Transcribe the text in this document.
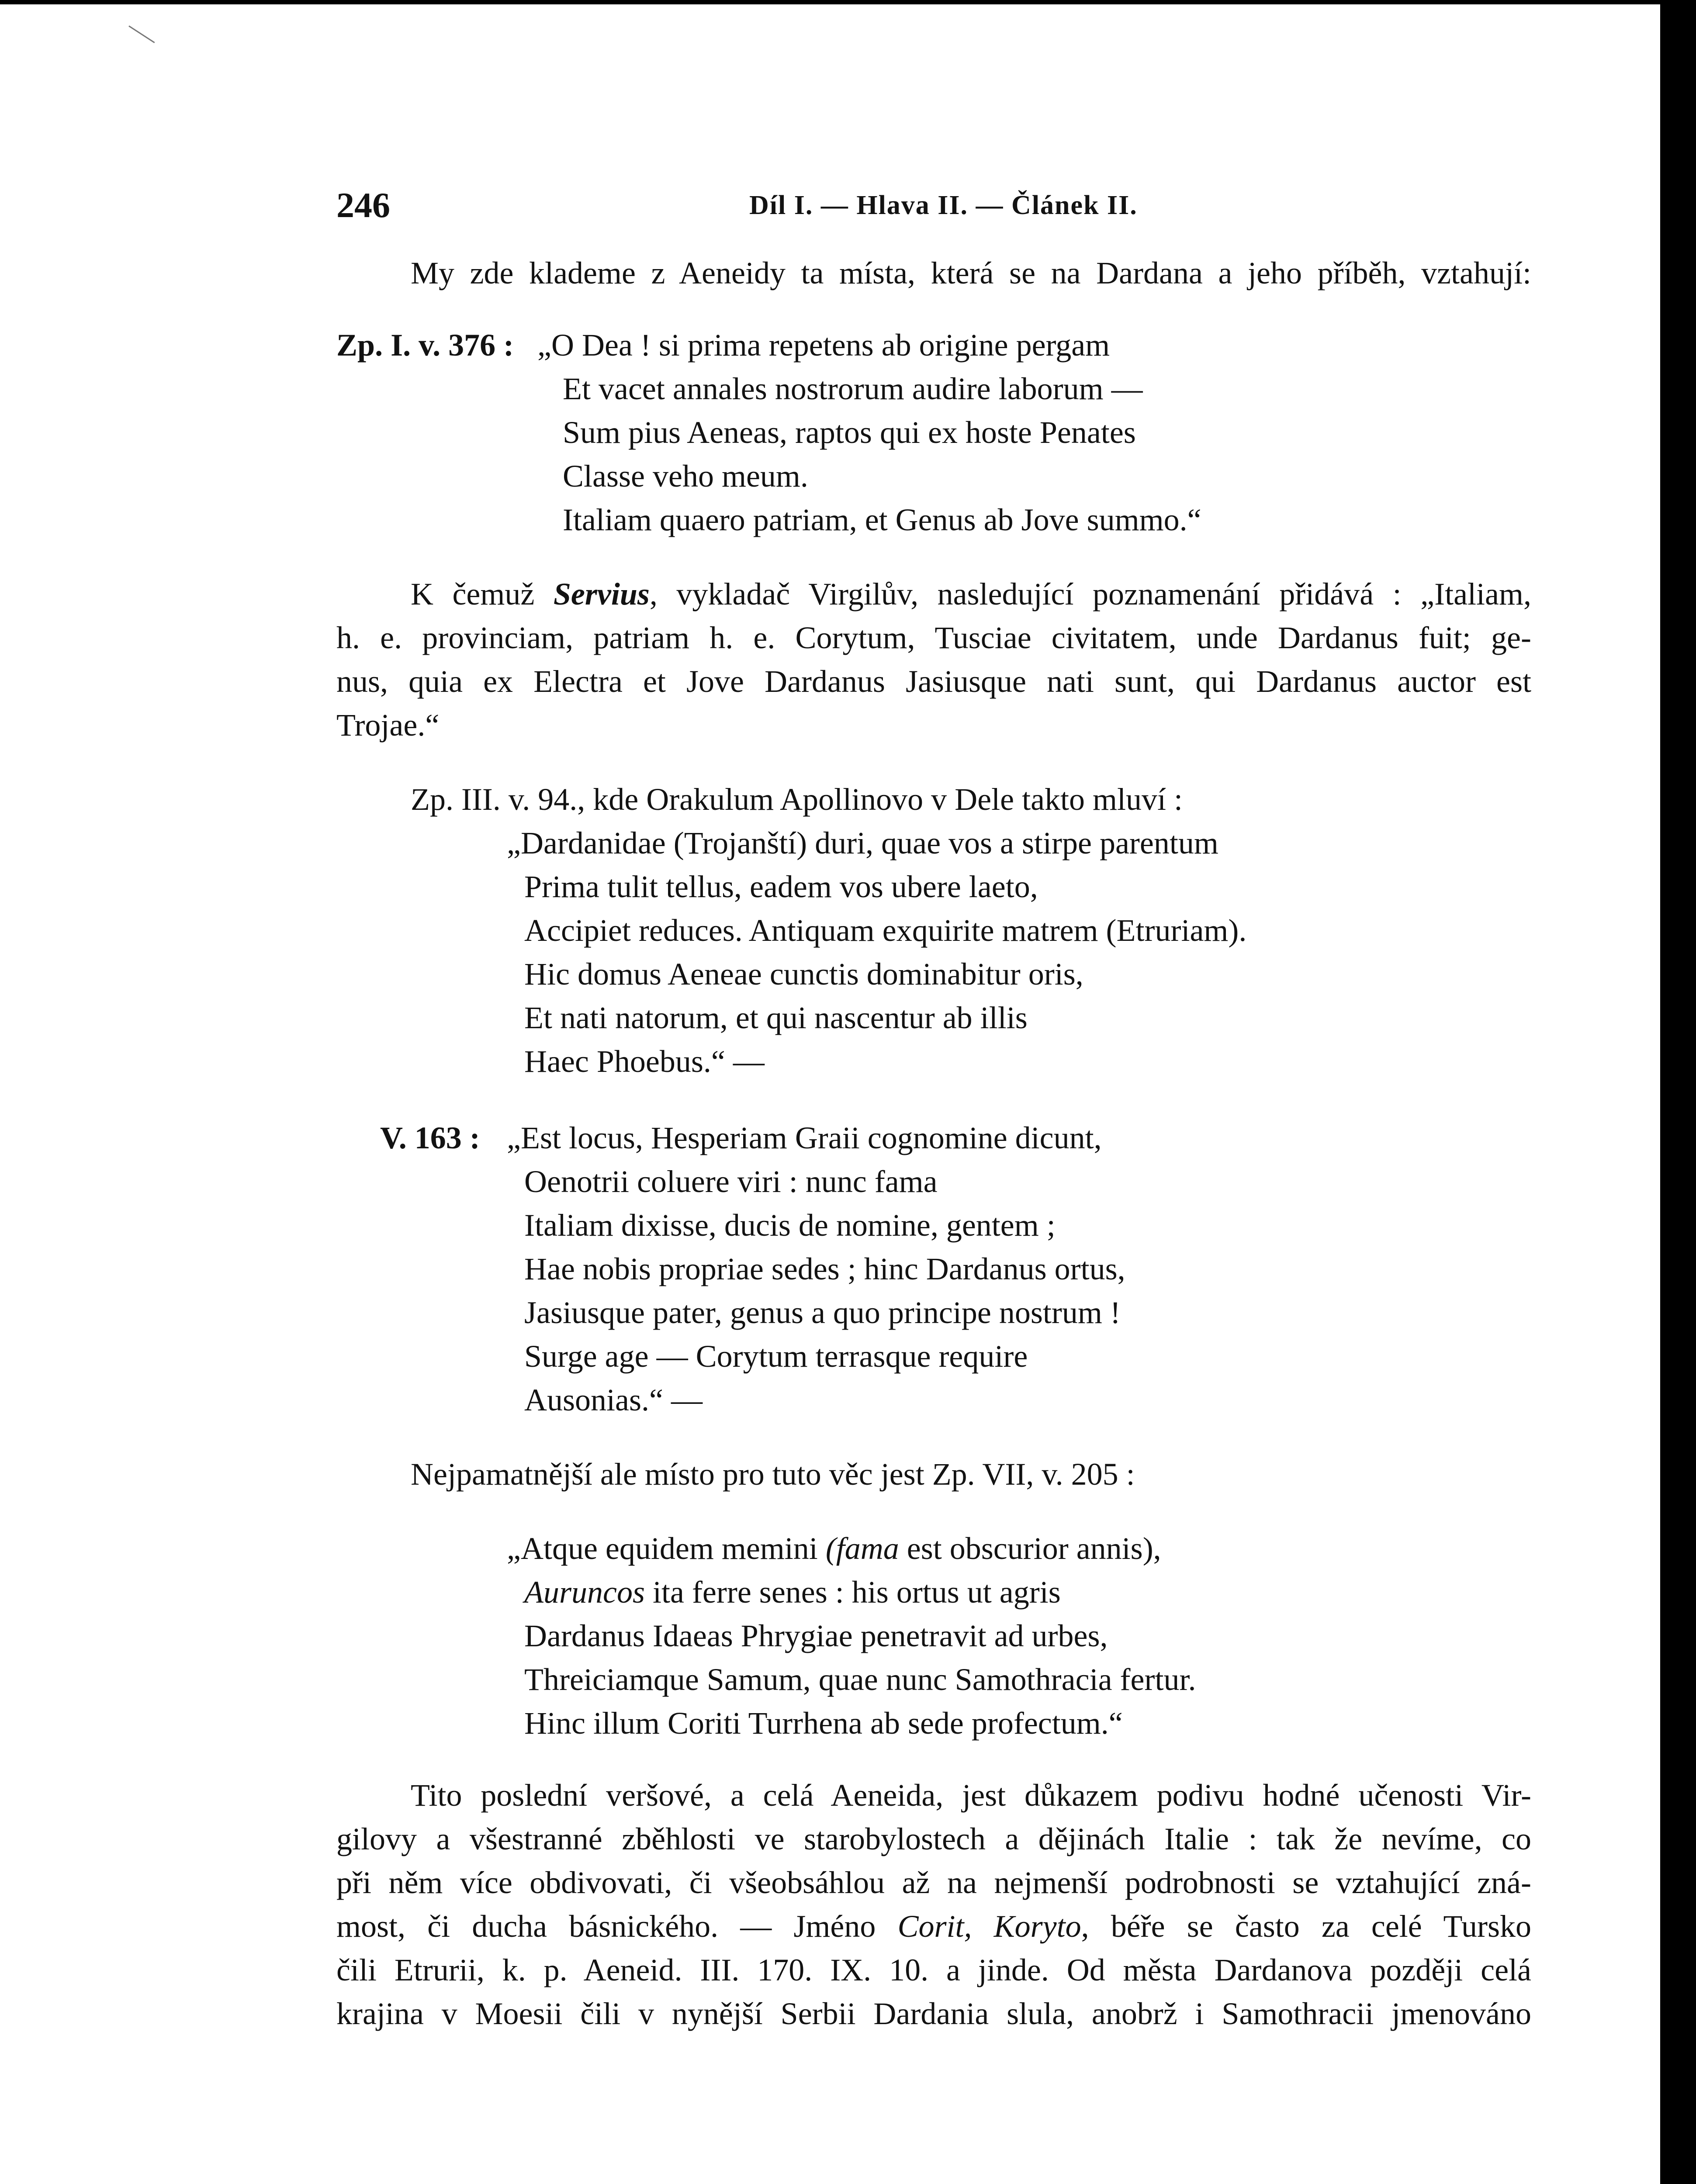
246	Díl I. — Hlava II. — Článek II.
My zde klademe z Aeneidy ta místa, která se na Dardana a jeho příběh, vztahují:
Zp. I. v. 376 : „O Dea ! si prima repetens ab origine pergam
Et vacet annales nostrorum audire laborum —
Sum pius Aeneas, raptos qui ex hoste Penates
Classe veho meum.
Italiam quaero patriam, et Genus ab Jove summo.“
K čemuž Servius, vykladač Virgilův, nasledující poznamenání přidává : „Italiam,
h. e. provinciam, patriam h. e. Corytum, Tusciae civitatem, unde Dardanus fuit; ge-
nus, quia ex Electra et Jove Dardanus Jasiusque nati sunt, qui Dardanus auctor est
Trojae.“
Zp. III. v. 94., kde Orakulum Apollinovo v Dele takto mluví :
„Dardanidae (Trojanští) duri, quae vos a stirpe parentum
Prima tulit tellus, eadem vos ubere laeto,
Accipiet reduces. Antiquam exquirite matrem (Etruriam).
Hic domus Aeneae cunctis dominabitur oris,
Et nati natorum, et qui nascentur ab illis
Haec Phoebus.“ —
V. 163 : „Est locus, Hesperiam Graii cognomine dicunt,
Oenotrii coluere viri : nunc fama
Italiam dixisse, ducis de nomine, gentem ;
Hae nobis propriae sedes ; hinc Dardanus ortus,
Jasiusque pater, genus a quo principe nostrum !
Surge age — Corytum terrasque require
Ausonias.“ —
Nejpamatnější ale místo pro tuto věc jest Zp. VII, v. 205 :
„Atque equidem memini (fama est obscurior annis),
Auruncos ita ferre senes : his ortus ut agris
Dardanus Idaeas Phrygiae penetravit ad urbes,
Threiciamque Samum, quae nunc Samothracia fertur.
Hinc illum Coriti Turrhena ab sede profectum.“
Tito poslední veršové, a celá Aeneida, jest důkazem podivu hodné učenosti Vir-
gilovy a všestranné zběhlosti ve starobylostech a dějinách Italie : tak že nevíme, co
při něm více obdivovati, či všeobsáhlou až na nejmenší podrobnosti se vztahující zná-
most, či ducha básnického. — Jméno Corit, Koryto, béře se často za celé Tursko
čili Etrurii, k. p. Aeneid. III. 170. IX. 10. a jinde. Od města Dardanova později celá
krajina v Moesii čili v nynější Serbii Dardania slula, anobrž i Samothracii jmenováno
